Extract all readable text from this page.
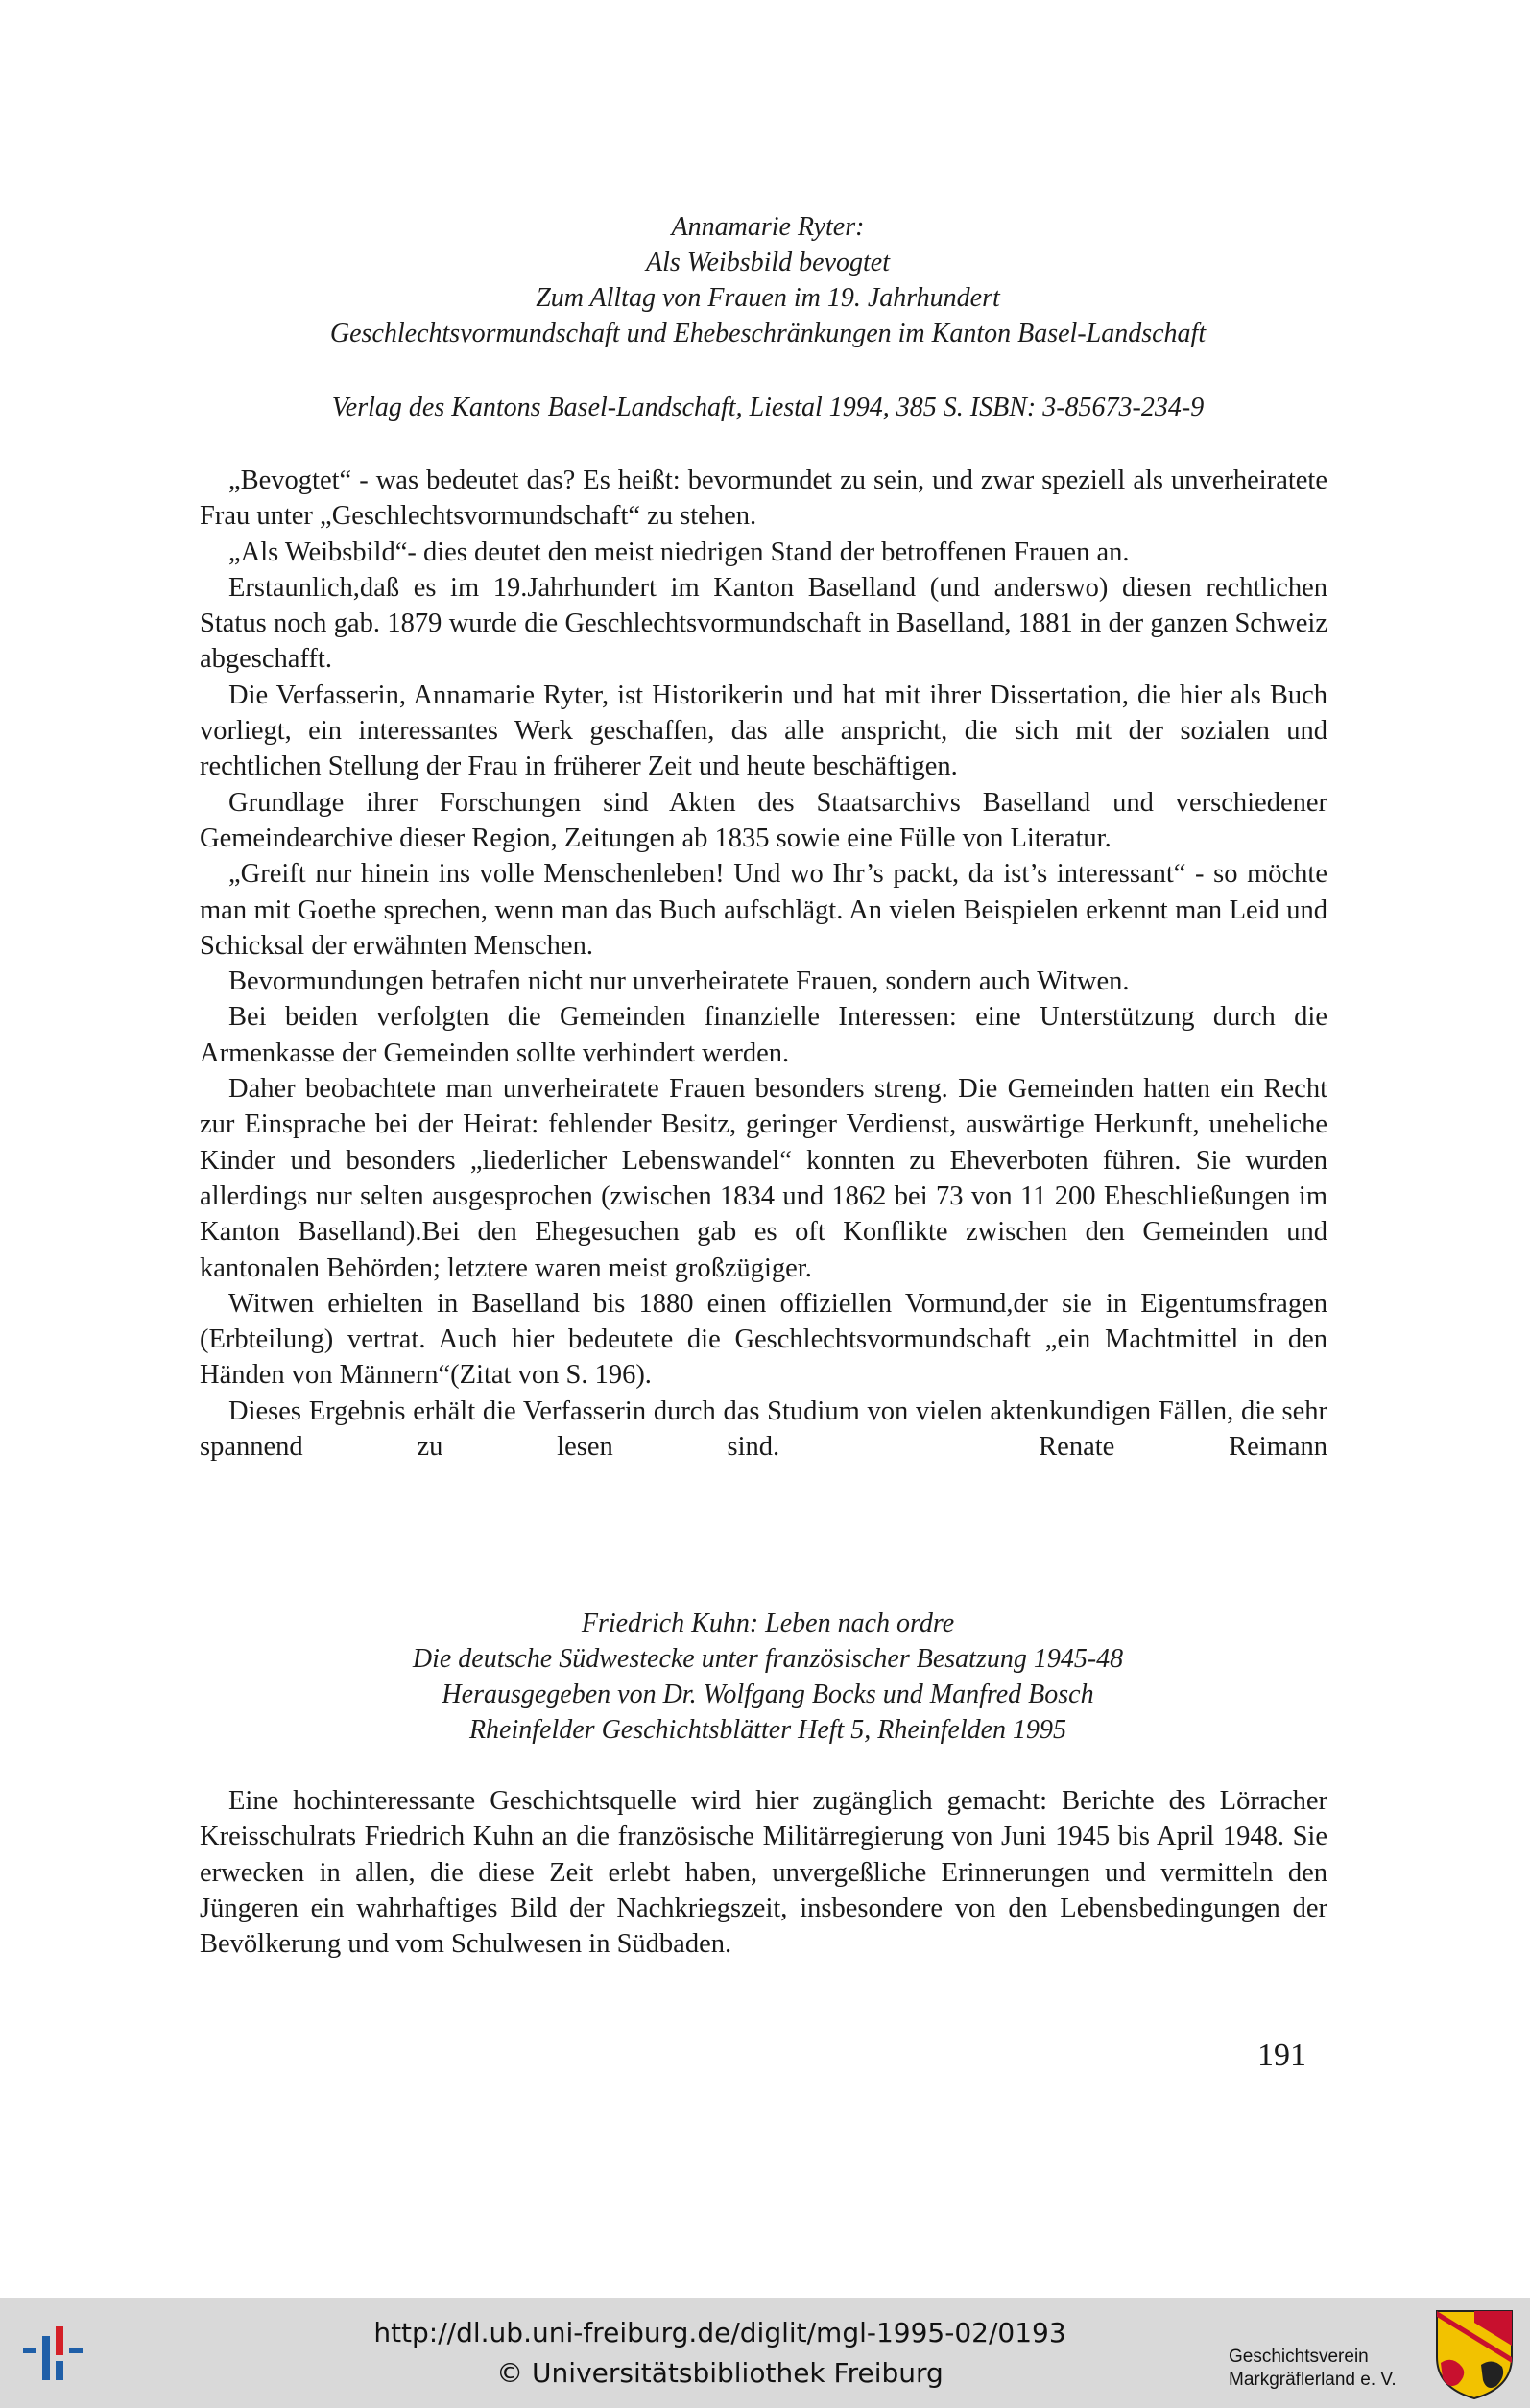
Annamarie Ryter:
Als Weibsbild bevogtet
Zum Alltag von Frauen im 19. Jahrhundert
Geschlechtsvormundschaft und Ehebeschränkungen im Kanton Basel-Landschaft
Verlag des Kantons Basel-Landschaft, Liestal 1994, 385 S. ISBN: 3-85673-234-9

„Bevogtet“ - was bedeutet das? Es heißt: bevormundet zu sein, und zwar speziell als unverheiratete Frau unter „Geschlechtsvormundschaft“ zu stehen.

„Als Weibsbild“- dies deutet den meist niedrigen Stand der betroffenen Frauen an.

Erstaunlich,daß es im 19.Jahrhundert im Kanton Baselland (und anderswo) diesen rechtlichen Status noch gab. 1879 wurde die Geschlechtsvormundschaft in Baselland, 1881 in der ganzen Schweiz abgeschafft.

Die Verfasserin, Annamarie Ryter, ist Historikerin und hat mit ihrer Dissertation, die hier als Buch vorliegt, ein interessantes Werk geschaffen, das alle anspricht, die sich mit der sozialen und rechtlichen Stellung der Frau in früherer Zeit und heute beschäftigen.

Grundlage ihrer Forschungen sind Akten des Staatsarchivs Baselland und verschiedener Gemeindearchive dieser Region, Zeitungen ab 1835 sowie eine Fülle von Literatur.

„Greift nur hinein ins volle Menschenleben! Und wo Ihr’s packt, da ist’s interessant“ - so möchte man mit Goethe sprechen, wenn man das Buch aufschlägt. An vielen Beispielen erkennt man Leid und Schicksal der erwähnten Menschen.

Bevormundungen betrafen nicht nur unverheiratete Frauen, sondern auch Witwen.

Bei beiden verfolgten die Gemeinden finanzielle Interessen: eine Unterstützung durch die Armenkasse der Gemeinden sollte verhindert werden.

Daher beobachtete man unverheiratete Frauen besonders streng. Die Gemeinden hatten ein Recht zur Einsprache bei der Heirat: fehlender Besitz, geringer Verdienst, auswärtige Herkunft, uneheliche Kinder und besonders „liederlicher Lebenswandel“ konnten zu Eheverboten führen. Sie wurden allerdings nur selten ausgesprochen (zwischen 1834 und 1862 bei 73 von 11 200 Eheschließungen im Kanton Baselland).Bei den Ehegesuchen gab es oft Konflikte zwischen den Gemeinden und kantonalen Behörden; letztere waren meist großzügiger.

Witwen erhielten in Baselland bis 1880 einen offiziellen Vormund,der sie in Eigentumsfragen (Erbteilung) vertrat. Auch hier bedeutete die Geschlechtsvormundschaft „ein Machtmittel in den Händen von Männern“(Zitat von S. 196).

Dieses Ergebnis erhält die Verfasserin durch das Studium von vielen aktenkundigen Fällen, die sehr spannend zu lesen sind.	Renate Reimann

Friedrich Kuhn: Leben nach ordre
Die deutsche Südwestecke unter französischer Besatzung 1945-48
Herausgegeben von Dr. Wolfgang Bocks und Manfred Bosch
Rheinfelder Geschichtsblätter Heft 5, Rheinfelden 1995

Eine hochinteressante Geschichtsquelle wird hier zugänglich gemacht: Berichte des Lörracher Kreisschulrats Friedrich Kuhn an die französische Militärregierung von Juni 1945 bis April 1948. Sie erwecken in allen, die diese Zeit erlebt haben, unvergeßliche Erinnerungen und vermitteln den Jüngeren ein wahrhaftiges Bild der Nachkriegszeit, insbesondere von den Lebensbedingungen der Bevölkerung und vom Schulwesen in Südbaden.

191
http://dl.ub.uni-freiburg.de/diglit/mgl-1995-02/0193
© Universitätsbibliothek Freiburg
Geschichtsverein
Markgräflerland e. V.
